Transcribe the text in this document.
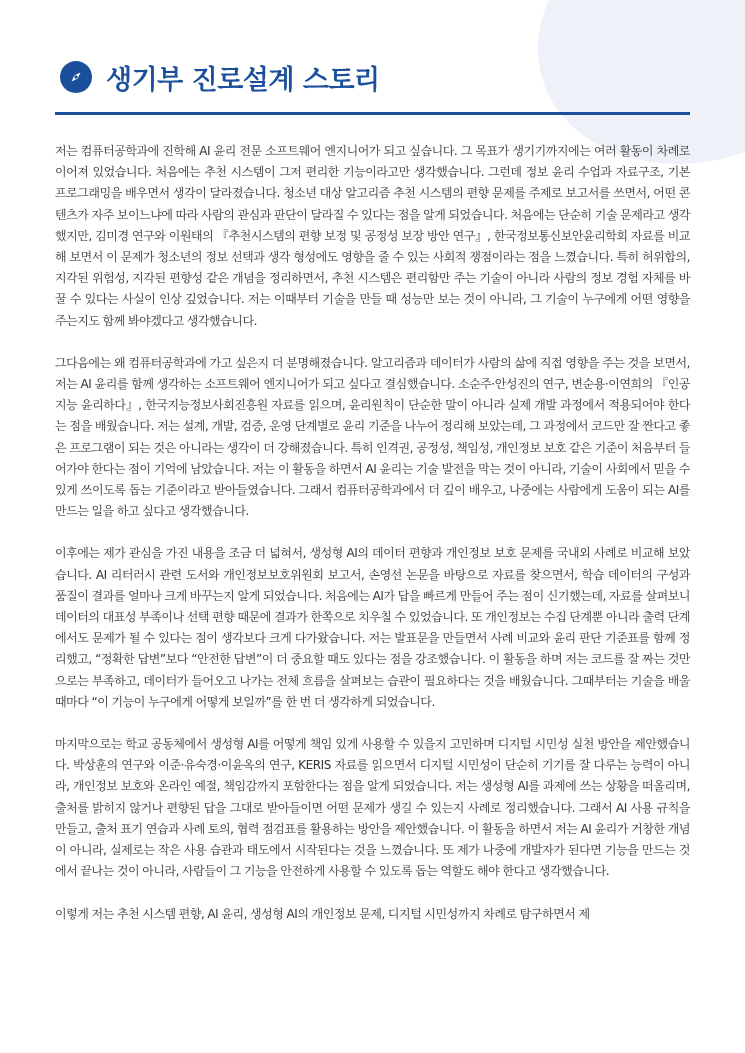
생기부 진로설계 스토리

저는 컴퓨터공학과에 진학해 AI 윤리 전문 소프트웨어 엔지니어가 되고 싶습니다. 그 목표가 생기기까지에는 여러 활동이 차례로 이어져 있었습니다. 처음에는 추천 시스템이 그저 편리한 기능이라고만 생각했습니다. 그런데 정보 윤리 수업과 자료구조, 기본 프로그래밍을 배우면서 생각이 달라졌습니다. 청소년 대상 알고리즘 추천 시스템의 편향 문제를 주제로 보고서를 쓰면서, 어떤 콘텐츠가 자주 보이느냐에 따라 사람의 관심과 판단이 달라질 수 있다는 점을 알게 되었습니다. 처음에는 단순히 기술 문제라고 생각했지만, 김미경 연구와 이원태의 『추천시스템의 편향 보정 및 공정성 보장 방안 연구』, 한국정보통신보안윤리학회 자료를 비교해 보면서 이 문제가 청소년의 정보 선택과 생각 형성에도 영향을 줄 수 있는 사회적 쟁점이라는 점을 느꼈습니다. 특히 허위합의, 지각된 위험성, 지각된 편향성 같은 개념을 정리하면서, 추천 시스템은 편리함만 주는 기술이 아니라 사람의 정보 경험 자체를 바꿀 수 있다는 사실이 인상 깊었습니다. 저는 이때부터 기술을 만들 때 성능만 보는 것이 아니라, 그 기술이 누구에게 어떤 영향을 주는지도 함께 봐야겠다고 생각했습니다.

그다음에는 왜 컴퓨터공학과에 가고 싶은지 더 분명해졌습니다. 알고리즘과 데이터가 사람의 삶에 직접 영향을 주는 것을 보면서, 저는 AI 윤리를 함께 생각하는 소프트웨어 엔지니어가 되고 싶다고 결심했습니다. 소순주·안성진의 연구, 변순용·이연희의 『인공지능 윤리하다』, 한국지능정보사회진흥원 자료를 읽으며, 윤리원칙이 단순한 말이 아니라 실제 개발 과정에서 적용되어야 한다는 점을 배웠습니다. 저는 설계, 개발, 검증, 운영 단계별로 윤리 기준을 나누어 정리해 보았는데, 그 과정에서 코드만 잘 짠다고 좋은 프로그램이 되는 것은 아니라는 생각이 더 강해졌습니다. 특히 인격권, 공정성, 책임성, 개인정보 보호 같은 기준이 처음부터 들어가야 한다는 점이 기억에 남았습니다. 저는 이 활동을 하면서 AI 윤리는 기술 발전을 막는 것이 아니라, 기술이 사회에서 믿을 수 있게 쓰이도록 돕는 기준이라고 받아들였습니다. 그래서 컴퓨터공학과에서 더 깊이 배우고, 나중에는 사람에게 도움이 되는 AI를 만드는 일을 하고 싶다고 생각했습니다.

이후에는 제가 관심을 가진 내용을 조금 더 넓혀서, 생성형 AI의 데이터 편향과 개인정보 보호 문제를 국내외 사례로 비교해 보았습니다. AI 리터러시 관련 도서와 개인정보보호위원회 보고서, 손영선 논문을 바탕으로 자료를 찾으면서, 학습 데이터의 구성과 품질이 결과를 얼마나 크게 바꾸는지 알게 되었습니다. 처음에는 AI가 답을 빠르게 만들어 주는 점이 신기했는데, 자료를 살펴보니 데이터의 대표성 부족이나 선택 편향 때문에 결과가 한쪽으로 치우칠 수 있었습니다. 또 개인정보는 수집 단계뿐 아니라 출력 단계에서도 문제가 될 수 있다는 점이 생각보다 크게 다가왔습니다. 저는 발표문을 만들면서 사례 비교와 윤리 판단 기준표를 함께 정리했고, “정확한 답변”보다 “안전한 답변”이 더 중요할 때도 있다는 점을 강조했습니다. 이 활동을 하며 저는 코드를 잘 짜는 것만으로는 부족하고, 데이터가 들어오고 나가는 전체 흐름을 살펴보는 습관이 필요하다는 것을 배웠습니다. 그때부터는 기술을 배울 때마다 “이 기능이 누구에게 어떻게 보일까”를 한 번 더 생각하게 되었습니다.

마지막으로는 학교 공동체에서 생성형 AI를 어떻게 책임 있게 사용할 수 있을지 고민하며 디지털 시민성 실천 방안을 제안했습니다. 박상훈의 연구와 이준·유숙경·이윤옥의 연구, KERIS 자료를 읽으면서 디지털 시민성이 단순히 기기를 잘 다루는 능력이 아니라, 개인정보 보호와 온라인 예절, 책임감까지 포함한다는 점을 알게 되었습니다. 저는 생성형 AI를 과제에 쓰는 상황을 떠올리며, 출처를 밝히지 않거나 편향된 답을 그대로 받아들이면 어떤 문제가 생길 수 있는지 사례로 정리했습니다. 그래서 AI 사용 규칙을 만들고, 출처 표기 연습과 사례 토의, 협력 점검표를 활용하는 방안을 제안했습니다. 이 활동을 하면서 저는 AI 윤리가 거창한 개념이 아니라, 실제로는 작은 사용 습관과 태도에서 시작된다는 것을 느꼈습니다. 또 제가 나중에 개발자가 된다면 기능을 만드는 것에서 끝나는 것이 아니라, 사람들이 그 기능을 안전하게 사용할 수 있도록 돕는 역할도 해야 한다고 생각했습니다.

이렇게 저는 추천 시스템 편향, AI 윤리, 생성형 AI의 개인정보 문제, 디지털 시민성까지 차례로 탐구하면서 제
